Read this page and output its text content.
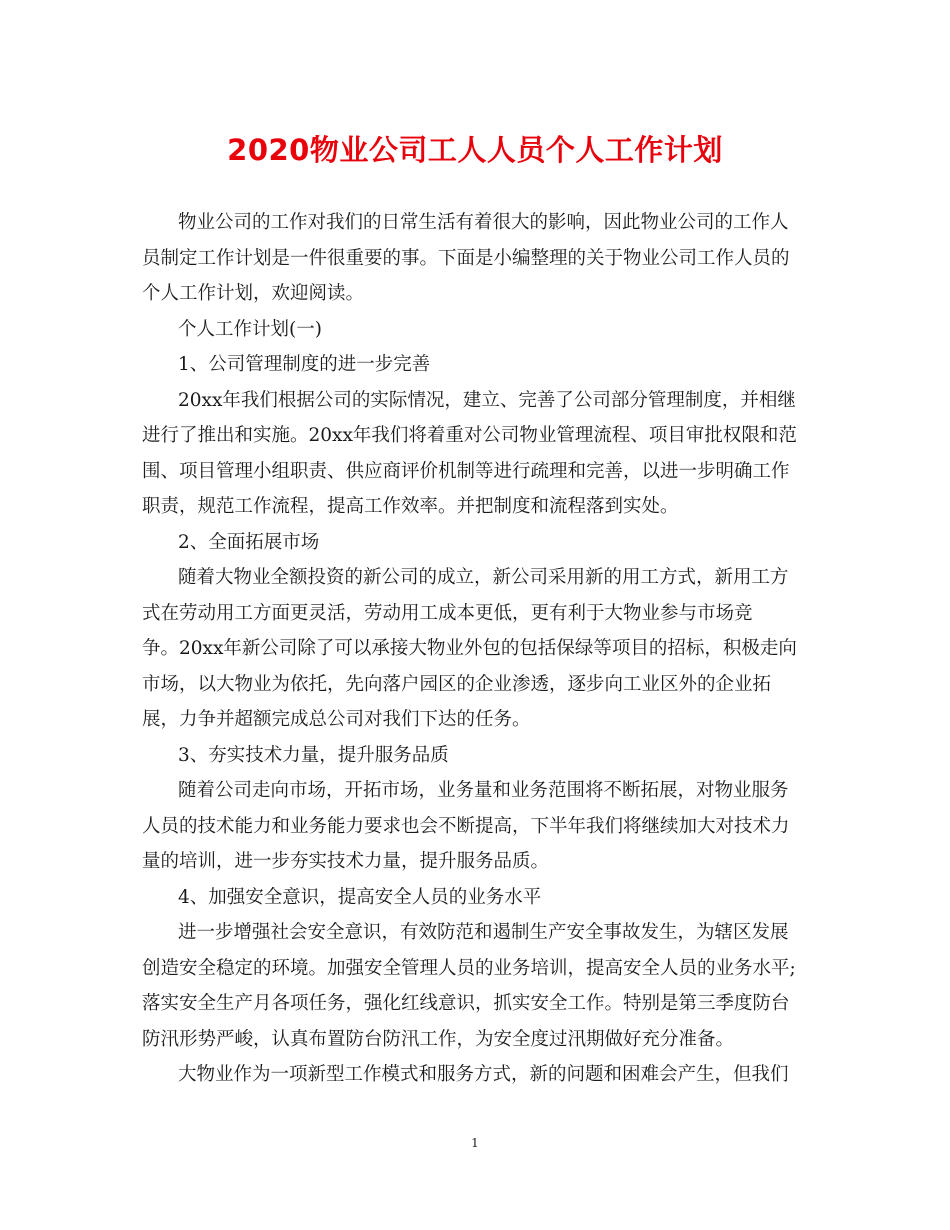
2020物业公司工人人员个人工作计划
物业公司的工作对我们的日常生活有着很大的影响，因此物业公司的工作人
员制定工作计划是一件很重要的事。下面是小编整理的关于物业公司工作人员的
个人工作计划，欢迎阅读。
个人工作计划(一)
1、公司管理制度的进一步完善
20xx年我们根据公司的实际情况，建立、完善了公司部分管理制度，并相继
进行了推出和实施。20xx年我们将着重对公司物业管理流程、项目审批权限和范
围、项目管理小组职责、供应商评价机制等进行疏理和完善，以进一步明确工作
职责，规范工作流程，提高工作效率。并把制度和流程落到实处。
2、全面拓展市场
随着大物业全额投资的新公司的成立，新公司采用新的用工方式，新用工方
式在劳动用工方面更灵活，劳动用工成本更低，更有利于大物业参与市场竞
争。20xx年新公司除了可以承接大物业外包的包括保绿等项目的招标，积极走向
市场，以大物业为依托，先向落户园区的企业渗透，逐步向工业区外的企业拓
展，力争并超额完成总公司对我们下达的任务。
3、夯实技术力量，提升服务品质
随着公司走向市场，开拓市场，业务量和业务范围将不断拓展，对物业服务
人员的技术能力和业务能力要求也会不断提高，下半年我们将继续加大对技术力
量的培训，进一步夯实技术力量，提升服务品质。
4、加强安全意识，提高安全人员的业务水平
进一步增强社会安全意识，有效防范和遏制生产安全事故发生，为辖区发展
创造安全稳定的环境。加强安全管理人员的业务培训，提高安全人员的业务水平;
落实安全生产月各项任务，强化红线意识，抓实安全工作。特别是第三季度防台
防汛形势严峻，认真布置防台防汛工作，为安全度过汛期做好充分准备。
大物业作为一项新型工作模式和服务方式，新的问题和困难会产生，但我们
1
